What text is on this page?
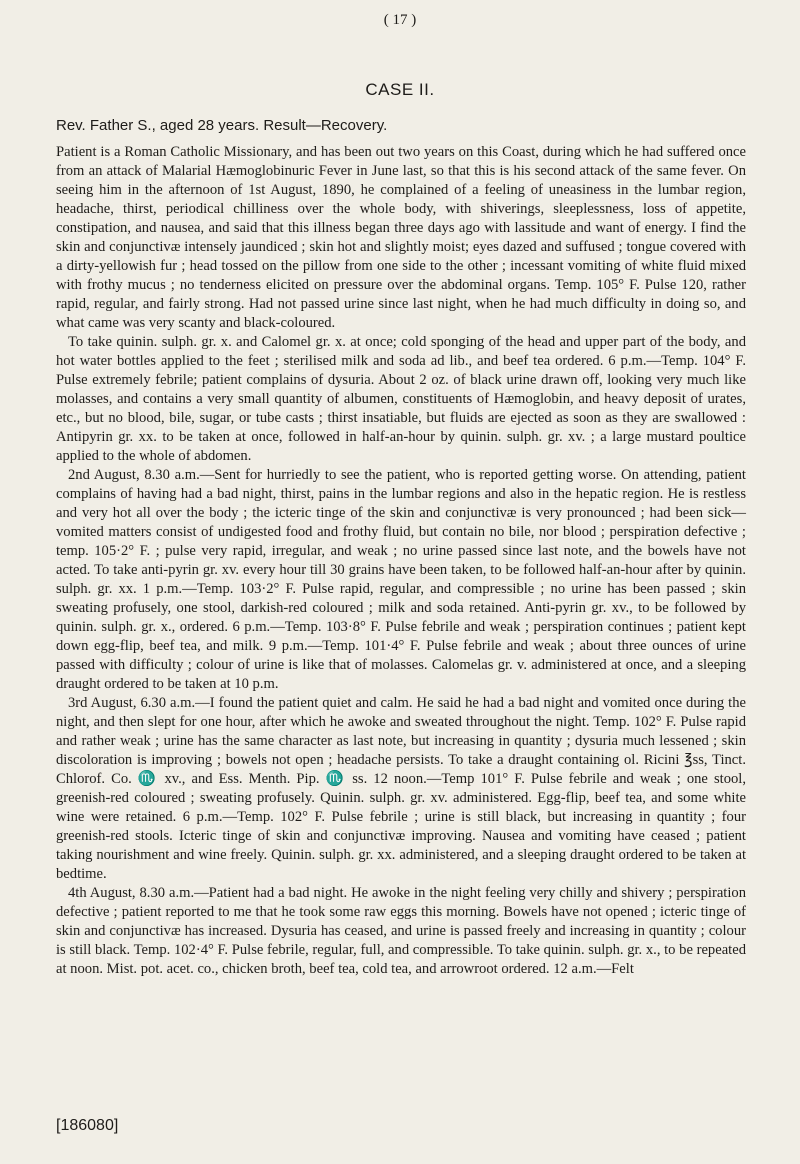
( 17 )
CASE II.
Rev. Father S., aged 28 years. Result—Recovery.

Patient is a Roman Catholic Missionary, and has been out two years on this Coast, during which he had suffered once from an attack of Malarial Hæmoglobinuric Fever in June last, so that this is his second attack of the same fever. On seeing him in the afternoon of 1st August, 1890, he complained of a feeling of uneasiness in the lumbar region, headache, thirst, periodical chilliness over the whole body, with shiverings, sleeplessness, loss of appetite, constipation, and nausea, and said that this illness began three days ago with lassitude and want of energy. I find the skin and conjunctivæ intensely jaundiced ; skin hot and slightly moist; eyes dazed and suffused ; tongue covered with a dirty-yellowish fur ; head tossed on the pillow from one side to the other ; incessant vomiting of white fluid mixed with frothy mucus ; no tenderness elicited on pressure over the abdominal organs. Temp. 105° F. Pulse 120, rather rapid, regular, and fairly strong. Had not passed urine since last night, when he had much difficulty in doing so, and what came was very scanty and black-coloured.

To take quinin. sulph. gr. x. and Calomel gr. x. at once; cold sponging of the head and upper part of the body, and hot water bottles applied to the feet ; sterilised milk and soda ad lib., and beef tea ordered. 6 p.m.—Temp. 104° F. Pulse extremely febrile; patient complains of dysuria. About 2 oz. of black urine drawn off, looking very much like molasses, and contains a very small quantity of albumen, constituents of Hæmoglobin, and heavy deposit of urates, etc., but no blood, bile, sugar, or tube casts ; thirst insatiable, but fluids are ejected as soon as they are swallowed : Antipyrin gr. xx. to be taken at once, followed in half-an-hour by quinin. sulph. gr. xv. ; a large mustard poultice applied to the whole of abdomen.

2nd August, 8.30 a.m.—Sent for hurriedly to see the patient, who is reported getting worse. On attending, patient complains of having had a bad night, thirst, pains in the lumbar regions and also in the hepatic region. He is restless and very hot all over the body ; the icteric tinge of the skin and conjunctivæ is very pronounced ; had been sick—vomited matters consist of undigested food and frothy fluid, but contain no bile, nor blood ; perspiration defective ; temp. 105·2° F. ; pulse very rapid, irregular, and weak ; no urine passed since last note, and the bowels have not acted. To take anti-pyrin gr. xv. every hour till 30 grains have been taken, to be followed half-an-hour after by quinin. sulph. gr. xx. 1 p.m.—Temp. 103·2° F. Pulse rapid, regular, and compressible ; no urine has been passed ; skin sweating profusely, one stool, darkish-red coloured ; milk and soda retained. Anti-pyrin gr. xv., to be followed by quinin. sulph. gr. x., ordered. 6 p.m.—Temp. 103·8° F. Pulse febrile and weak ; perspiration continues ; patient kept down egg-flip, beef tea, and milk. 9 p.m.—Temp. 101·4° F. Pulse febrile and weak ; about three ounces of urine passed with difficulty ; colour of urine is like that of molasses. Calomelas gr. v. administered at once, and a sleeping draught ordered to be taken at 10 p.m.

3rd August, 6.30 a.m.—I found the patient quiet and calm. He said he had a bad night and vomited once during the night, and then slept for one hour, after which he awoke and sweated throughout the night. Temp. 102° F. Pulse rapid and rather weak ; urine has the same character as last note, but increasing in quantity ; dysuria much lessened ; skin discoloration is improving ; bowels not open ; headache persists. To take a draught containing ol. Ricini ℥ss, Tinct. Chlorof. Co. ♏ xv., and Ess. Menth. Pip. ♏ ss. 12 noon.—Temp 101° F. Pulse febrile and weak ; one stool, greenish-red coloured ; sweating profusely. Quinin. sulph. gr. xv. administered. Egg-flip, beef tea, and some white wine were retained. 6 p.m.—Temp. 102° F. Pulse febrile ; urine is still black, but increasing in quantity ; four greenish-red stools. Icteric tinge of skin and conjunctivæ improving. Nausea and vomiting have ceased ; patient taking nourishment and wine freely. Quinin. sulph. gr. xx. administered, and a sleeping draught ordered to be taken at bedtime.

4th August, 8.30 a.m.—Patient had a bad night. He awoke in the night feeling very chilly and shivery ; perspiration defective ; patient reported to me that he took some raw eggs this morning. Bowels have not opened ; icteric tinge of skin and conjunctivæ has increased. Dysuria has ceased, and urine is passed freely and increasing in quantity ; colour is still black. Temp. 102·4° F. Pulse febrile, regular, full, and compressible. To take quinin. sulph. gr. x., to be repeated at noon. Mist. pot. acet. co., chicken broth, beef tea, cold tea, and arrowroot ordered. 12 a.m.—Felt

[186080]
